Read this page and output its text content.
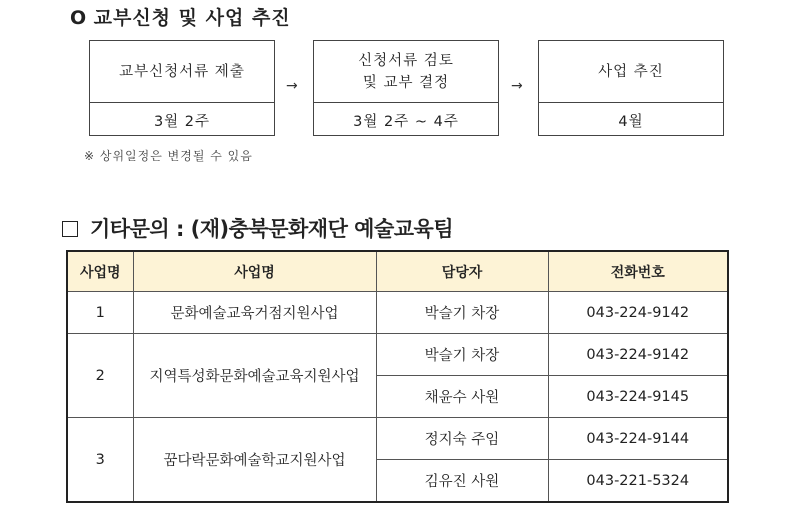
O 교부신청 및 사업 추진
교부신청서류 제출
3월 2주
→
신청서류 검토
및 교부 결정
3월 2주 ~ 4주
→
사업 추진
4월
※ 상위일정은 변경될 수 있음
기타문의 : (재)충북문화재단 예술교육팀
사업명	사업명	담당자	전화번호
1	문화예술교육거점지원사업	박슬기 차장	043-224-9142
2	지역특성화문화예술교육지원사업	박슬기 차장	043-224-9142
		채윤수 사원	043-224-9145
3	꿈다락문화예술학교지원사업	정지숙 주임	043-224-9144
		김유진 사원	043-221-5324
